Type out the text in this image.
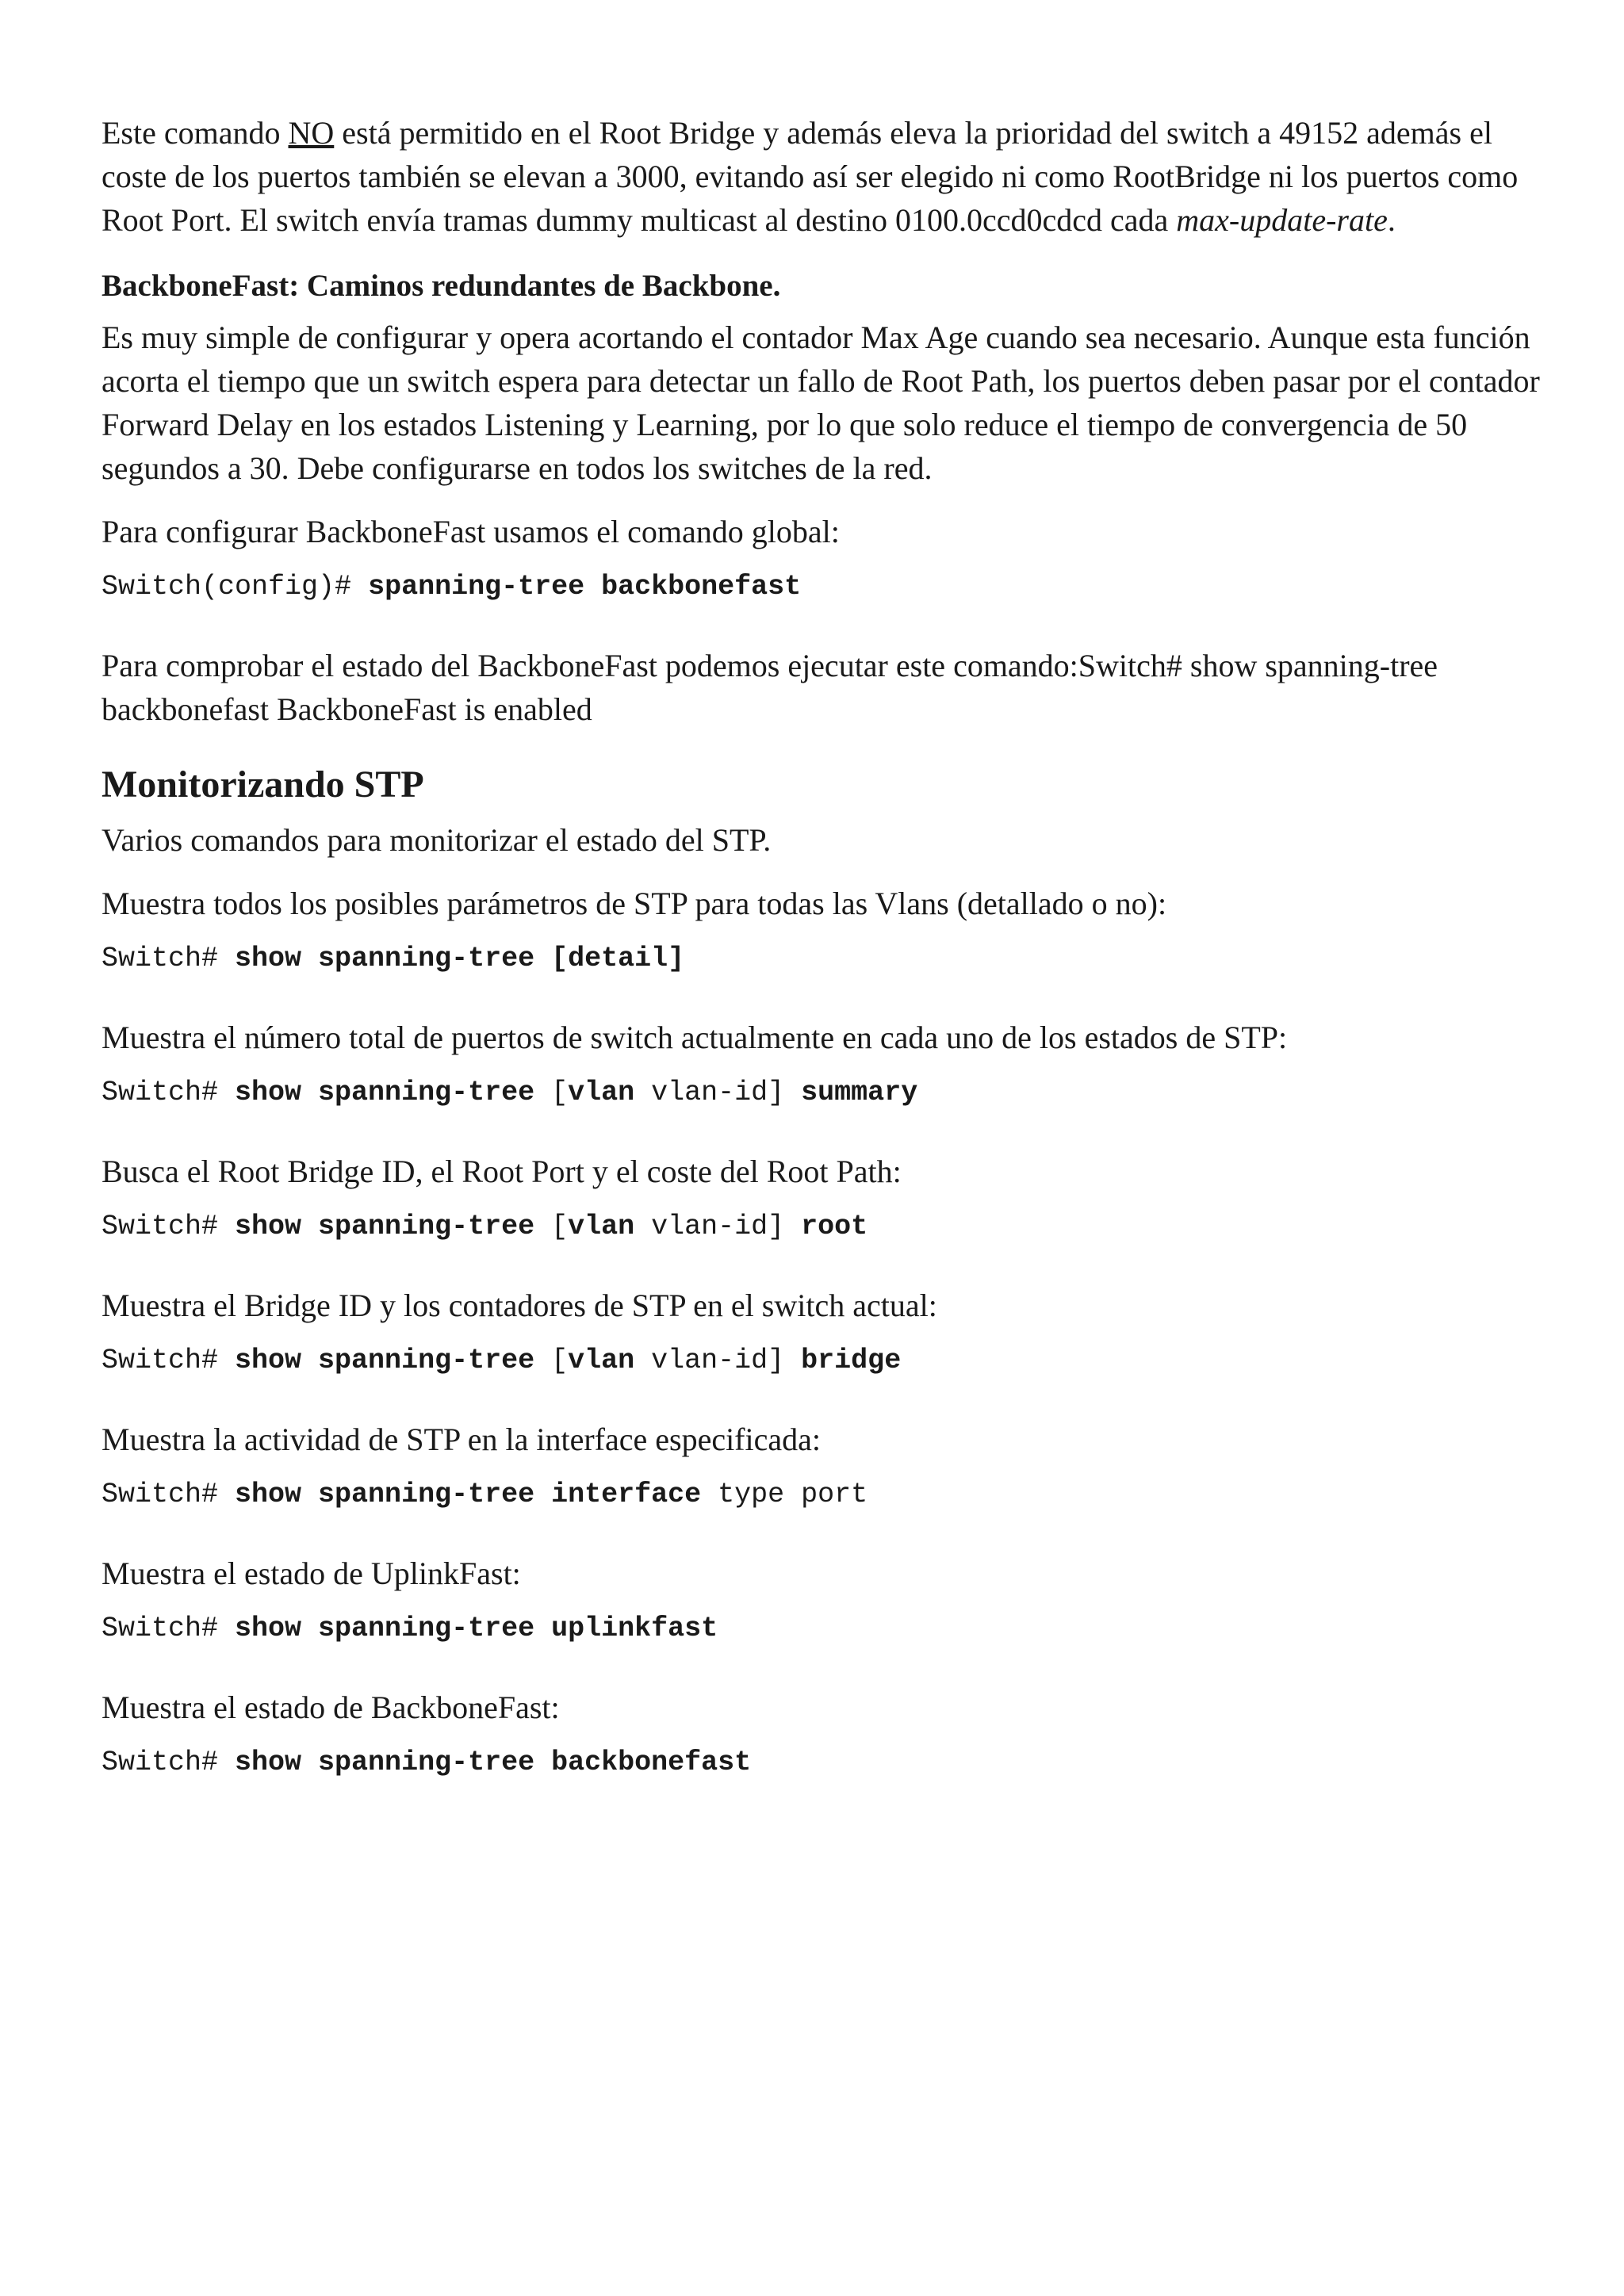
Este comando NO está permitido en el Root Bridge y además eleva la prioridad del switch a 49152 además el coste de los puertos también se elevan a 3000, evitando así ser elegido ni como RootBridge ni los puertos como Root Port. El switch envía tramas dummy multicast al destino 0100.0ccd0cdcd cada max-update-rate.

BackboneFast: Caminos redundantes de Backbone.

Es muy simple de configurar y opera acortando el contador Max Age cuando sea necesario. Aunque esta función acorta el tiempo que un switch espera para detectar un fallo de Root Path, los puertos deben pasar por el contador Forward Delay en los estados Listening y Learning, por lo que solo reduce el tiempo de convergencia de 50 segundos a 30. Debe configurarse en todos los switches de la red.

Para configurar BackboneFast usamos el comando global:

Switch(config)# spanning-tree backbonefast

Para comprobar el estado del BackboneFast podemos ejecutar este comando:Switch# show spanning-tree backbonefast BackboneFast is enabled

Monitorizando STP

Varios comandos para monitorizar el estado del STP.

Muestra todos los posibles parámetros de STP para todas las Vlans (detallado o no):

Switch# show spanning-tree [detail]

Muestra el número total de puertos de switch actualmente en cada uno de los estados de STP:

Switch# show spanning-tree [vlan vlan-id] summary

Busca el Root Bridge ID, el Root Port y el coste del Root Path:

Switch# show spanning-tree [vlan vlan-id] root

Muestra el Bridge ID y los contadores de STP en el switch actual:

Switch# show spanning-tree [vlan vlan-id] bridge

Muestra la actividad de STP en la interface especificada:

Switch# show spanning-tree interface type port

Muestra el estado de UplinkFast:

Switch# show spanning-tree uplinkfast

Muestra el estado de BackboneFast:

Switch# show spanning-tree backbonefast
